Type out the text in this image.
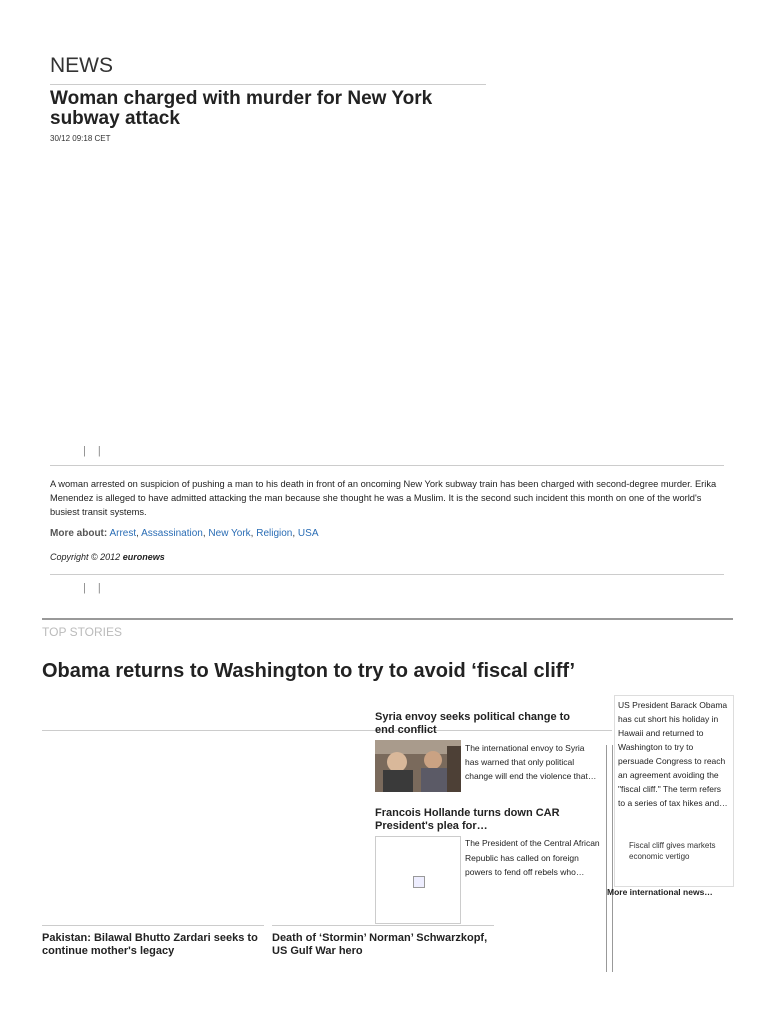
NEWS
Woman charged with murder for New York subway attack
30/12 09:18 CET
| |
A woman arrested on suspicion of pushing a man to his death in front of an oncoming New York subway train has been charged with second-degree murder. Erika Menendez is alleged to have admitted attacking the man because she thought he was a Muslim. It is the second such incident this month on one of the world's busiest transit systems.
More about: Arrest, Assassination, New York, Religion, USA
Copyright © 2012 euronews
| |
TOP STORIES
Obama returns to Washington to try to avoid ‘fiscal cliff’
Syria envoy seeks political change to end conflict
The international envoy to Syria has warned that only political change will end the violence that…
Francois Hollande turns down CAR President's plea for…
The President of the Central African Republic has called on foreign powers to fend off rebels who…
US President Barack Obama has cut short his holiday in Hawaii and returned to Washington to try to persuade Congress to reach an agreement avoiding the "fiscal cliff." The term refers to a series of tax hikes and…
Fiscal cliff gives markets economic vertigo
More international news…
Pakistan: Bilawal Bhutto Zardari seeks to continue mother's legacy
Death of ‘Stormin’ Norman’ Schwarzkopf, US Gulf War hero
